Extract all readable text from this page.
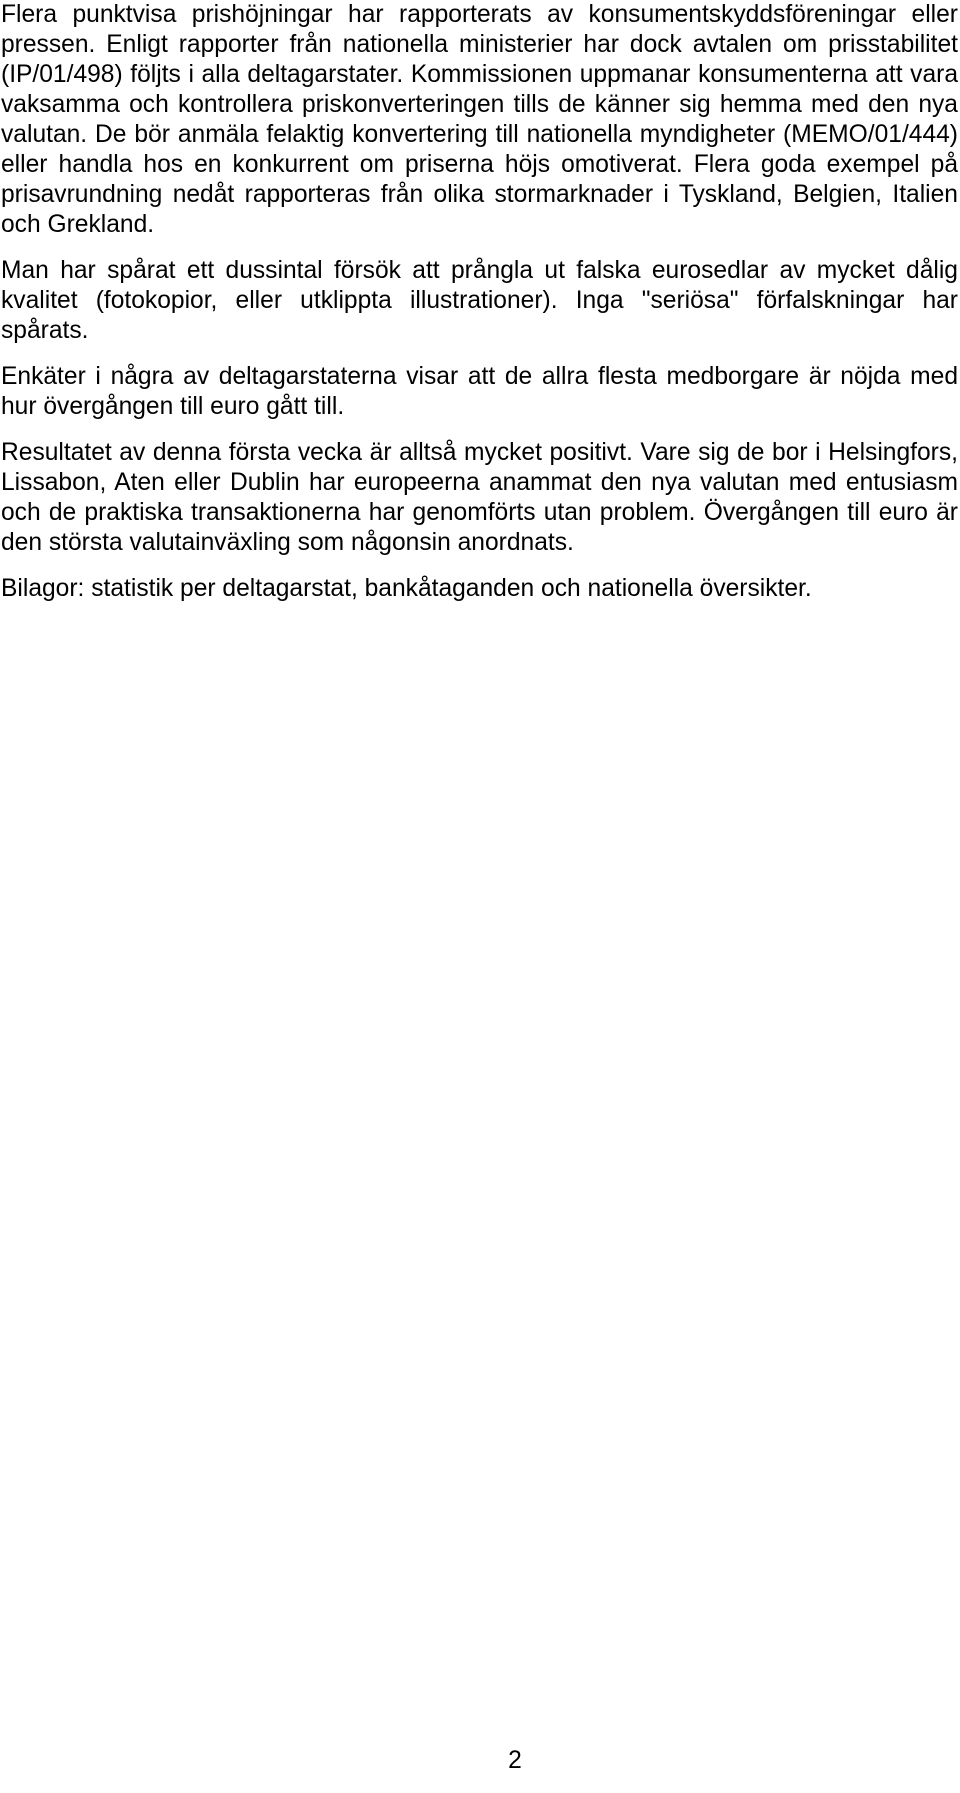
Flera punktvisa prishöjningar har rapporterats av konsumentskyddsföreningar eller pressen. Enligt rapporter från nationella ministerier har dock avtalen om prisstabilitet (IP/01/498) följts i alla deltagarstater. Kommissionen uppmanar konsumenterna att vara vaksamma och kontrollera priskonverteringen tills de känner sig hemma med den nya valutan. De bör anmäla felaktig konvertering till nationella myndigheter (MEMO/01/444) eller handla hos en konkurrent om priserna höjs omotiverat. Flera goda exempel på prisavrundning nedåt rapporteras från olika stormarknader i Tyskland, Belgien, Italien och Grekland.

Man har spårat ett dussintal försök att prångla ut falska eurosedlar av mycket dålig kvalitet (fotokopior, eller utklippta illustrationer). Inga "seriösa" förfalskningar har spårats.

Enkäter i några av deltagarstaterna visar att de allra flesta medborgare är nöjda med hur övergången till euro gått till.

Resultatet av denna första vecka är alltså mycket positivt. Vare sig de bor i Helsingfors, Lissabon, Aten eller Dublin har europeerna anammat den nya valutan med entusiasm och de praktiska transaktionerna har genomförts utan problem. Övergången till euro är den största valutainväxling som någonsin anordnats.

Bilagor: statistik per deltagarstat, bankåtaganden och nationella översikter.

2
